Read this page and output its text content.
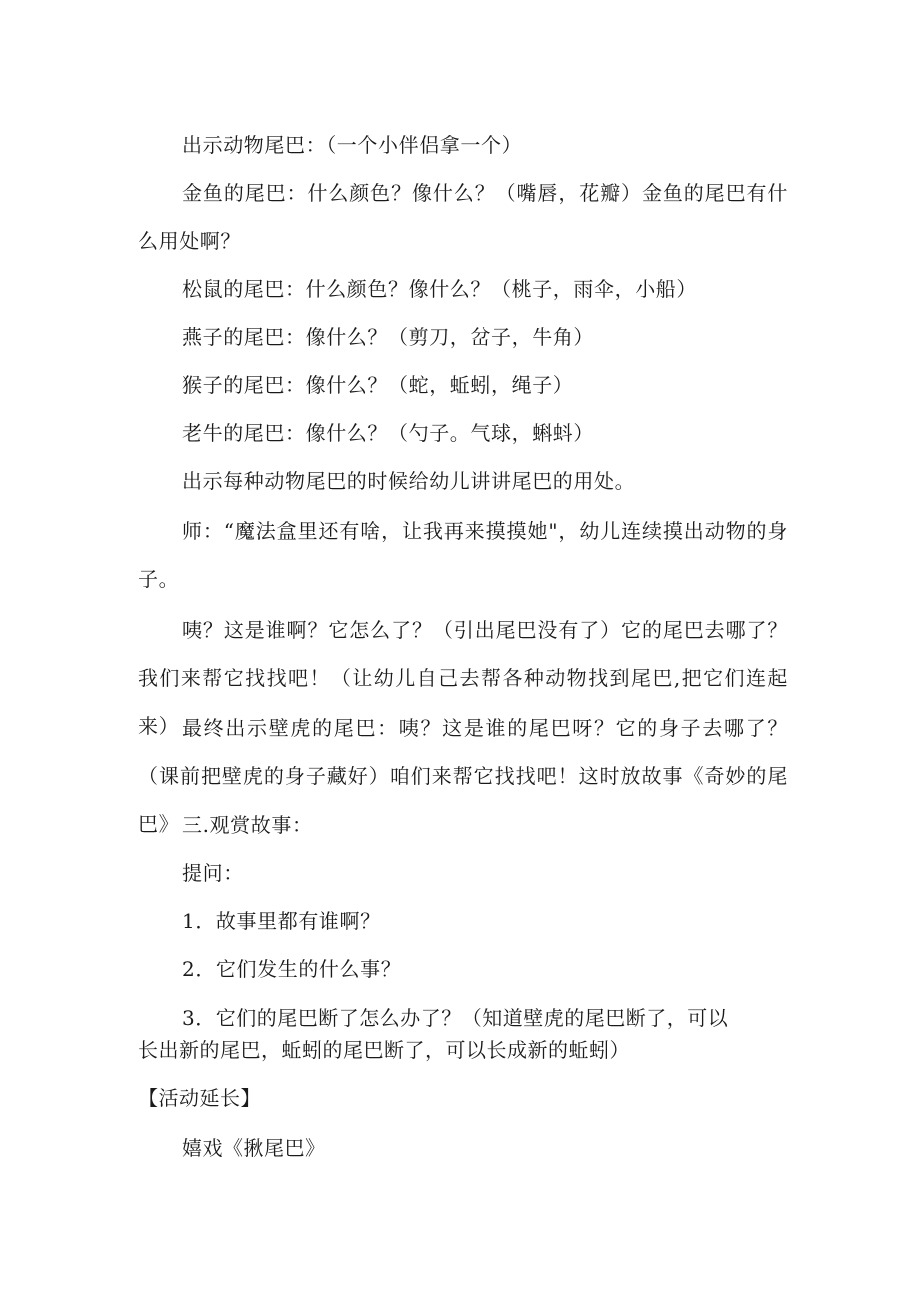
出示动物尾巴：（一个小伴侣拿一个）
金鱼的尾巴：什么颜色？像什么？（嘴唇，花瓣）金鱼的尾巴有什么用处啊？
松鼠的尾巴：什么颜色？像什么？（桃子，雨伞，小船）
燕子的尾巴：像什么？（剪刀，岔子，牛角）
猴子的尾巴：像什么？（蛇，蚯蚓，绳子）
老牛的尾巴：像什么？（勺子。气球，蝌蚪）
出示每种动物尾巴的时候给幼儿讲讲尾巴的用处。
师：“魔法盒里还有啥，让我再来摸摸她"，幼儿连续摸出动物的身子。
咦？这是谁啊？它怎么了？（引出尾巴没有了）它的尾巴去哪了？我们来帮它找找吧！（让幼儿自己去帮各种动物找到尾巴,把它们连起来） 最终出示壁虎的尾巴：咦？这是谁的尾巴呀？它的身子去哪了？（课前把壁虎的身子藏好）咱们来帮它找找吧！这时放故事《奇妙的尾巴》 三.观赏故事：
提问：
1．故事里都有谁啊？
2．它们发生的什么事？
3．它们的尾巴断了怎么办了？（知道壁虎的尾巴断了，可以
长出新的尾巴，蚯蚓的尾巴断了，可以长成新的蚯蚓）
【活动延长】
嬉戏《揪尾巴》
